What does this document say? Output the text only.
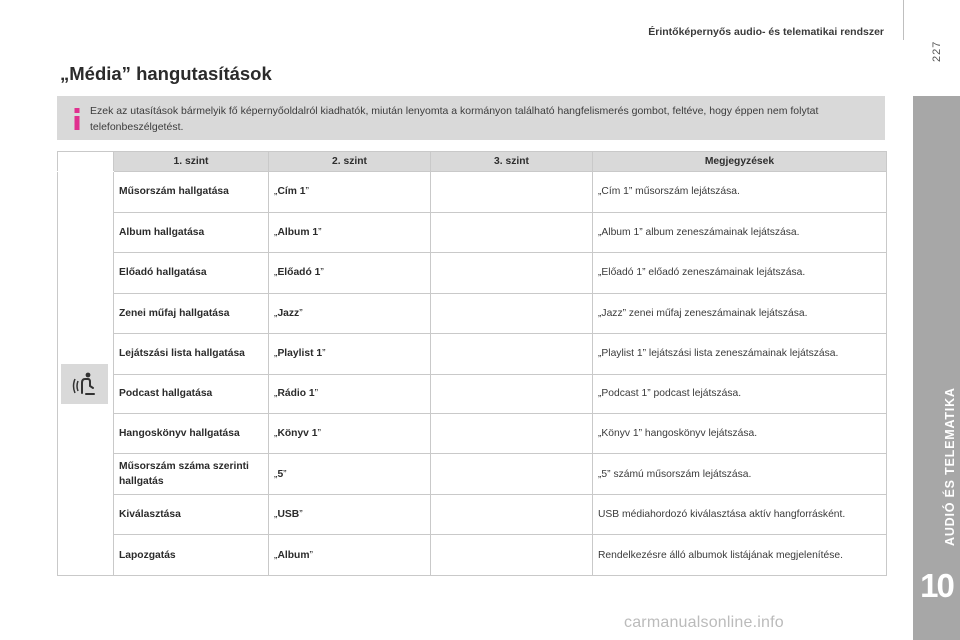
Érintőképernyős audio- és telematikai rendszer
227
AUDIÓ ÉS TELEMATIKA
10
„Média” hangutasítások
Ezek az utasítások bármelyik fő képernyőoldalról kiadhatók, miután lenyomta a kormányon található hangfelismerés gombot, feltéve, hogy éppen nem folytat telefonbeszélgetést.
	1. szint	2. szint	3. szint	Megjegyzések

	Műsorszám hallgatása	„Cím 1”		„Cím 1” műsorszám lejátszása.
	Album hallgatása	„Album 1”		„Album 1” album zeneszámainak lejátszása.
	Előadó hallgatása	„Előadó 1”		„Előadó 1” előadó zeneszámainak lejátszása.
	Zenei műfaj hallgatása	„Jazz”		„Jazz” zenei műfaj zeneszámainak lejátszása.
	Lejátszási lista hallgatása	„Playlist 1”		„Playlist 1” lejátszási lista zeneszámainak lejátszása.
	Podcast hallgatása	„Rádio 1”		„Podcast 1” podcast lejátszása.
	Hangoskönyv hallgatása	„Könyv 1”		„Könyv 1” hangoskönyv lejátszása.
	Műsorszám száma szerinti hallgatás	„5”		„5” számú műsorszám lejátszása.
	Kiválasztása	„USB”		USB médiahordozó kiválasztása aktív hangforrásként.
	Lapozgatás	„Album”		Rendelkezésre álló albumok listájának megjelenítése.
carmanualsonline.info
